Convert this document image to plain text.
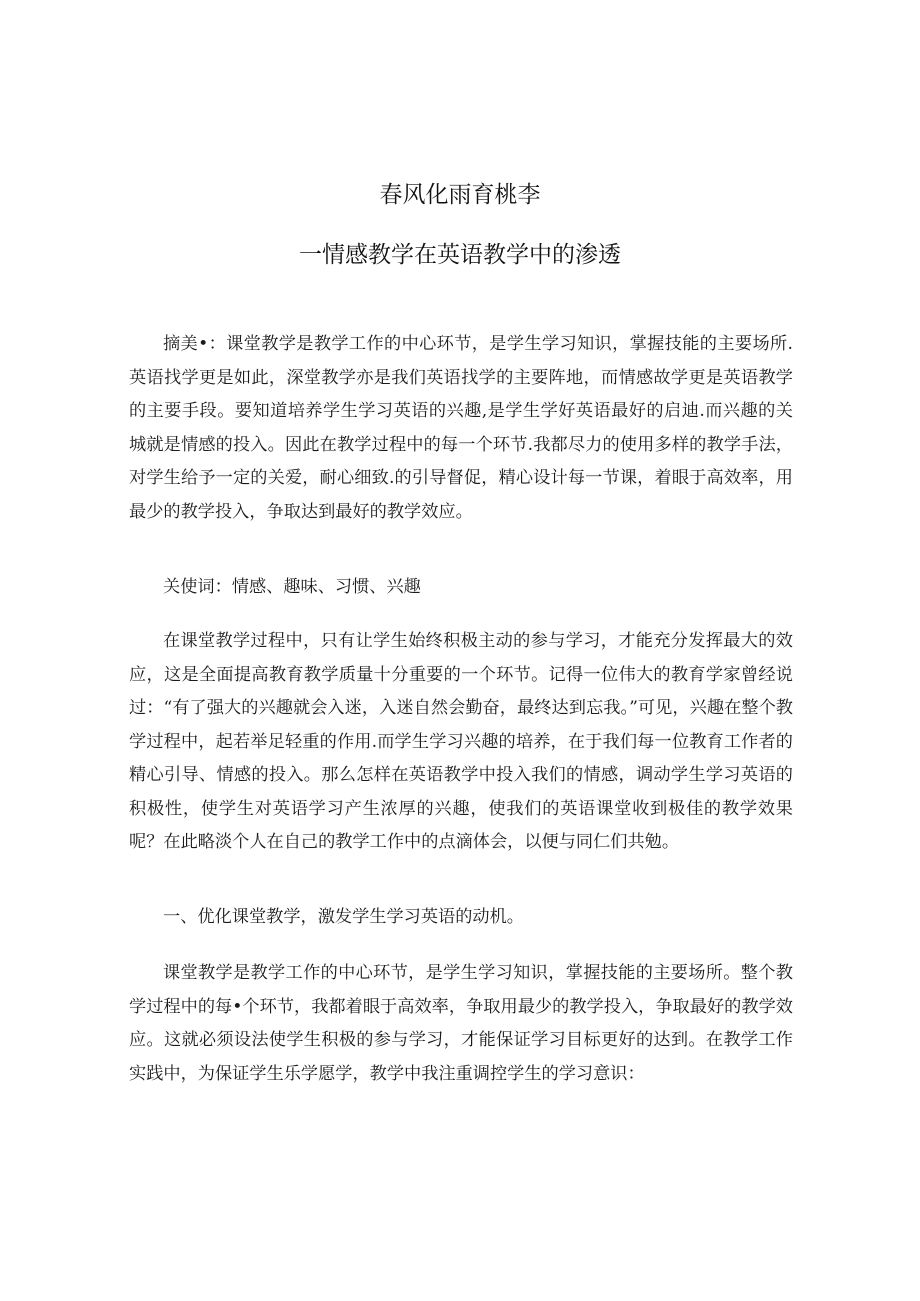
春风化雨育桃李
一情感教学在英语教学中的渗透

摘美•：课堂教学是教学工作的中心环节，是学生学习知识，掌握技能的主要场所.英语找学更是如此，深堂教学亦是我们英语找学的主要阵地，而情感故学更是英语教学的主要手段。要知道培养学生学习英语的兴趣,是学生学好英语最好的启迪.而兴趣的关城就是情感的投入。因此在教学过程中的每一个环节.我都尽力的使用多样的教学手法，对学生给予一定的关爱，耐心细致.的引导督促，精心设计每一节课，着眼于高效率，用最少的教学投入，争取达到最好的教学效应。

关使词：情感、趣味、习惯、兴趣

在课堂教学过程中，只有让学生始终积极主动的参与学习，才能充分发挥最大的效应，这是全面提高教育教学质量十分重要的一个环节。记得一位伟大的教育学家曾经说过：“有了强大的兴趣就会入迷，入迷自然会勤奋，最终达到忘我。”可见，兴趣在整个教学过程中，起若举足轻重的作用.而学生学习兴趣的培养，在于我们每一位教育工作者的精心引导、情感的投入。那么怎样在英语教学中投入我们的情感，调动学生学习英语的积极性，使学生对英语学习产生浓厚的兴趣，使我们的英语课堂收到极佳的教学效果呢？在此略淡个人在自己的教学工作中的点滴体会，以便与同仁们共勉。

一、优化课堂教学，激发学生学习英语的动机。

课堂教学是教学工作的中心环节，是学生学习知识，掌握技能的主要场所。整个教学过程中的每•个环节，我都着眼于高效率，争取用最少的教学投入，争取最好的教学效应。这就必须设法使学生积极的参与学习，才能保证学习目标更好的达到。在教学工作实践中，为保证学生乐学愿学，教学中我注重调控学生的学习意识：
